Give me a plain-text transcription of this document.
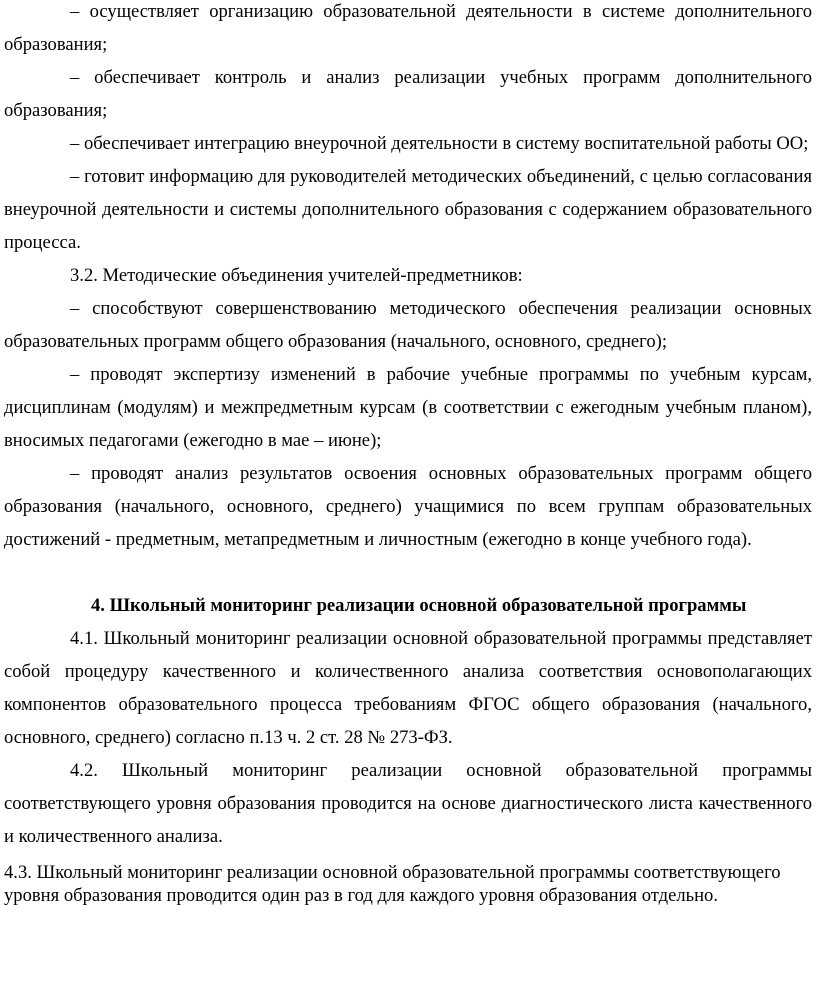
– осуществляет организацию образовательной деятельности в системе дополнительного образования;

– обеспечивает контроль и анализ реализации учебных программ дополнительного образования;

– обеспечивает интеграцию внеурочной деятельности в систему воспитательной работы ОО;

– готовит информацию для руководителей методических объединений, с целью согласования внеурочной деятельности и системы дополнительного образования с содержанием образовательного процесса.

3.2. Методические объединения учителей-предметников:

– способствуют совершенствованию методического обеспечения реализации основных образовательных программ общего образования (начального, основного, среднего);

– проводят экспертизу изменений в рабочие учебные программы по учебным курсам, дисциплинам (модулям) и межпредметным курсам (в соответствии с ежегодным учебным планом), вносимых педагогами (ежегодно в мае – июне);

– проводят анализ результатов освоения основных образовательных программ общего образования (начального, основного, среднего) учащимися по всем группам образовательных достижений - предметным, метапредметным и личностным (ежегодно в конце учебного года).

4. Школьный мониторинг реализации основной образовательной программы

4.1. Школьный мониторинг реализации основной образовательной программы представляет собой процедуру качественного и количественного анализа соответствия основополагающих компонентов образовательного процесса требованиям ФГОС общего образования (начального, основного, среднего) согласно п.13 ч. 2 ст. 28 № 273-ФЗ.

4.2. Школьный мониторинг реализации основной образовательной программы соответствующего уровня образования проводится на основе диагностического листа качественного и количественного анализа.

4.3. Школьный мониторинг реализации основной образовательной программы соответствующего уровня образования проводится один раз в год для каждого уровня образования отдельно.
